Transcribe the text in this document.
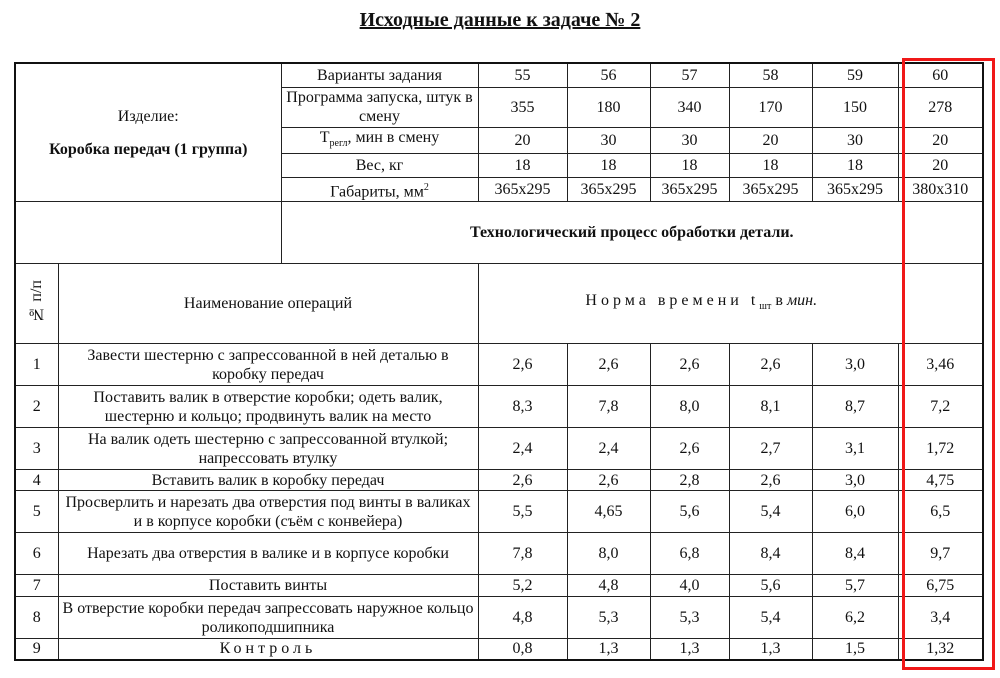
Исходные данные к задаче № 2
Изделие:
Коробка передач (1 группа)		Варианты задания	55	56	57	58	59	60
		Программа запуска, штук в смену	355	180	340	170	150	278
		$Т_{регл}$, мин в смену	20	30	30	20	30	20
		Вес, кг	18	18	18	18	18	20
		Габариты, $мм^2$	365x295	365x295	365x295	365x295	365x295	380x310
		Технологический процесс обработки детали.						
№ п/п	Наименование операций		Норма времени $t_{шт}$ в мин.					
1	Завести шестерню с запрессованной в ней деталью в коробку передач		2,6	2,6	2,6	2,6	3,0	3,46
2	Поставить валик в отверстие коробки; одеть валик, шестерню и кольцо; продвинуть валик на место		8,3	7,8	8,0	8,1	8,7	7,2
3	На валик одеть шестерню с запрессованной втулкой; напрессовать втулку		2,4	2,4	2,6	2,7	3,1	1,72
4	Вставить валик в коробку передач		2,6	2,6	2,8	2,6	3,0	4,75
5	Просверлить и нарезать два отверстия под винты в валиках и в корпусе коробки (съём с конвейера)		5,5	4,65	5,6	5,4	6,0	6,5
6	Нарезать два отверстия в валике и в корпусе коробки		7,8	8,0	6,8	8,4	8,4	9,7
7	Поставить винты		5,2	4,8	4,0	5,6	5,7	6,75
8	В отверстие коробки передач запрессовать наружное кольцо роликоподшипника		4,8	5,3	5,3	5,4	6,2	3,4
9	Контроль		0,8	1,3	1,3	1,3	1,5	1,32
